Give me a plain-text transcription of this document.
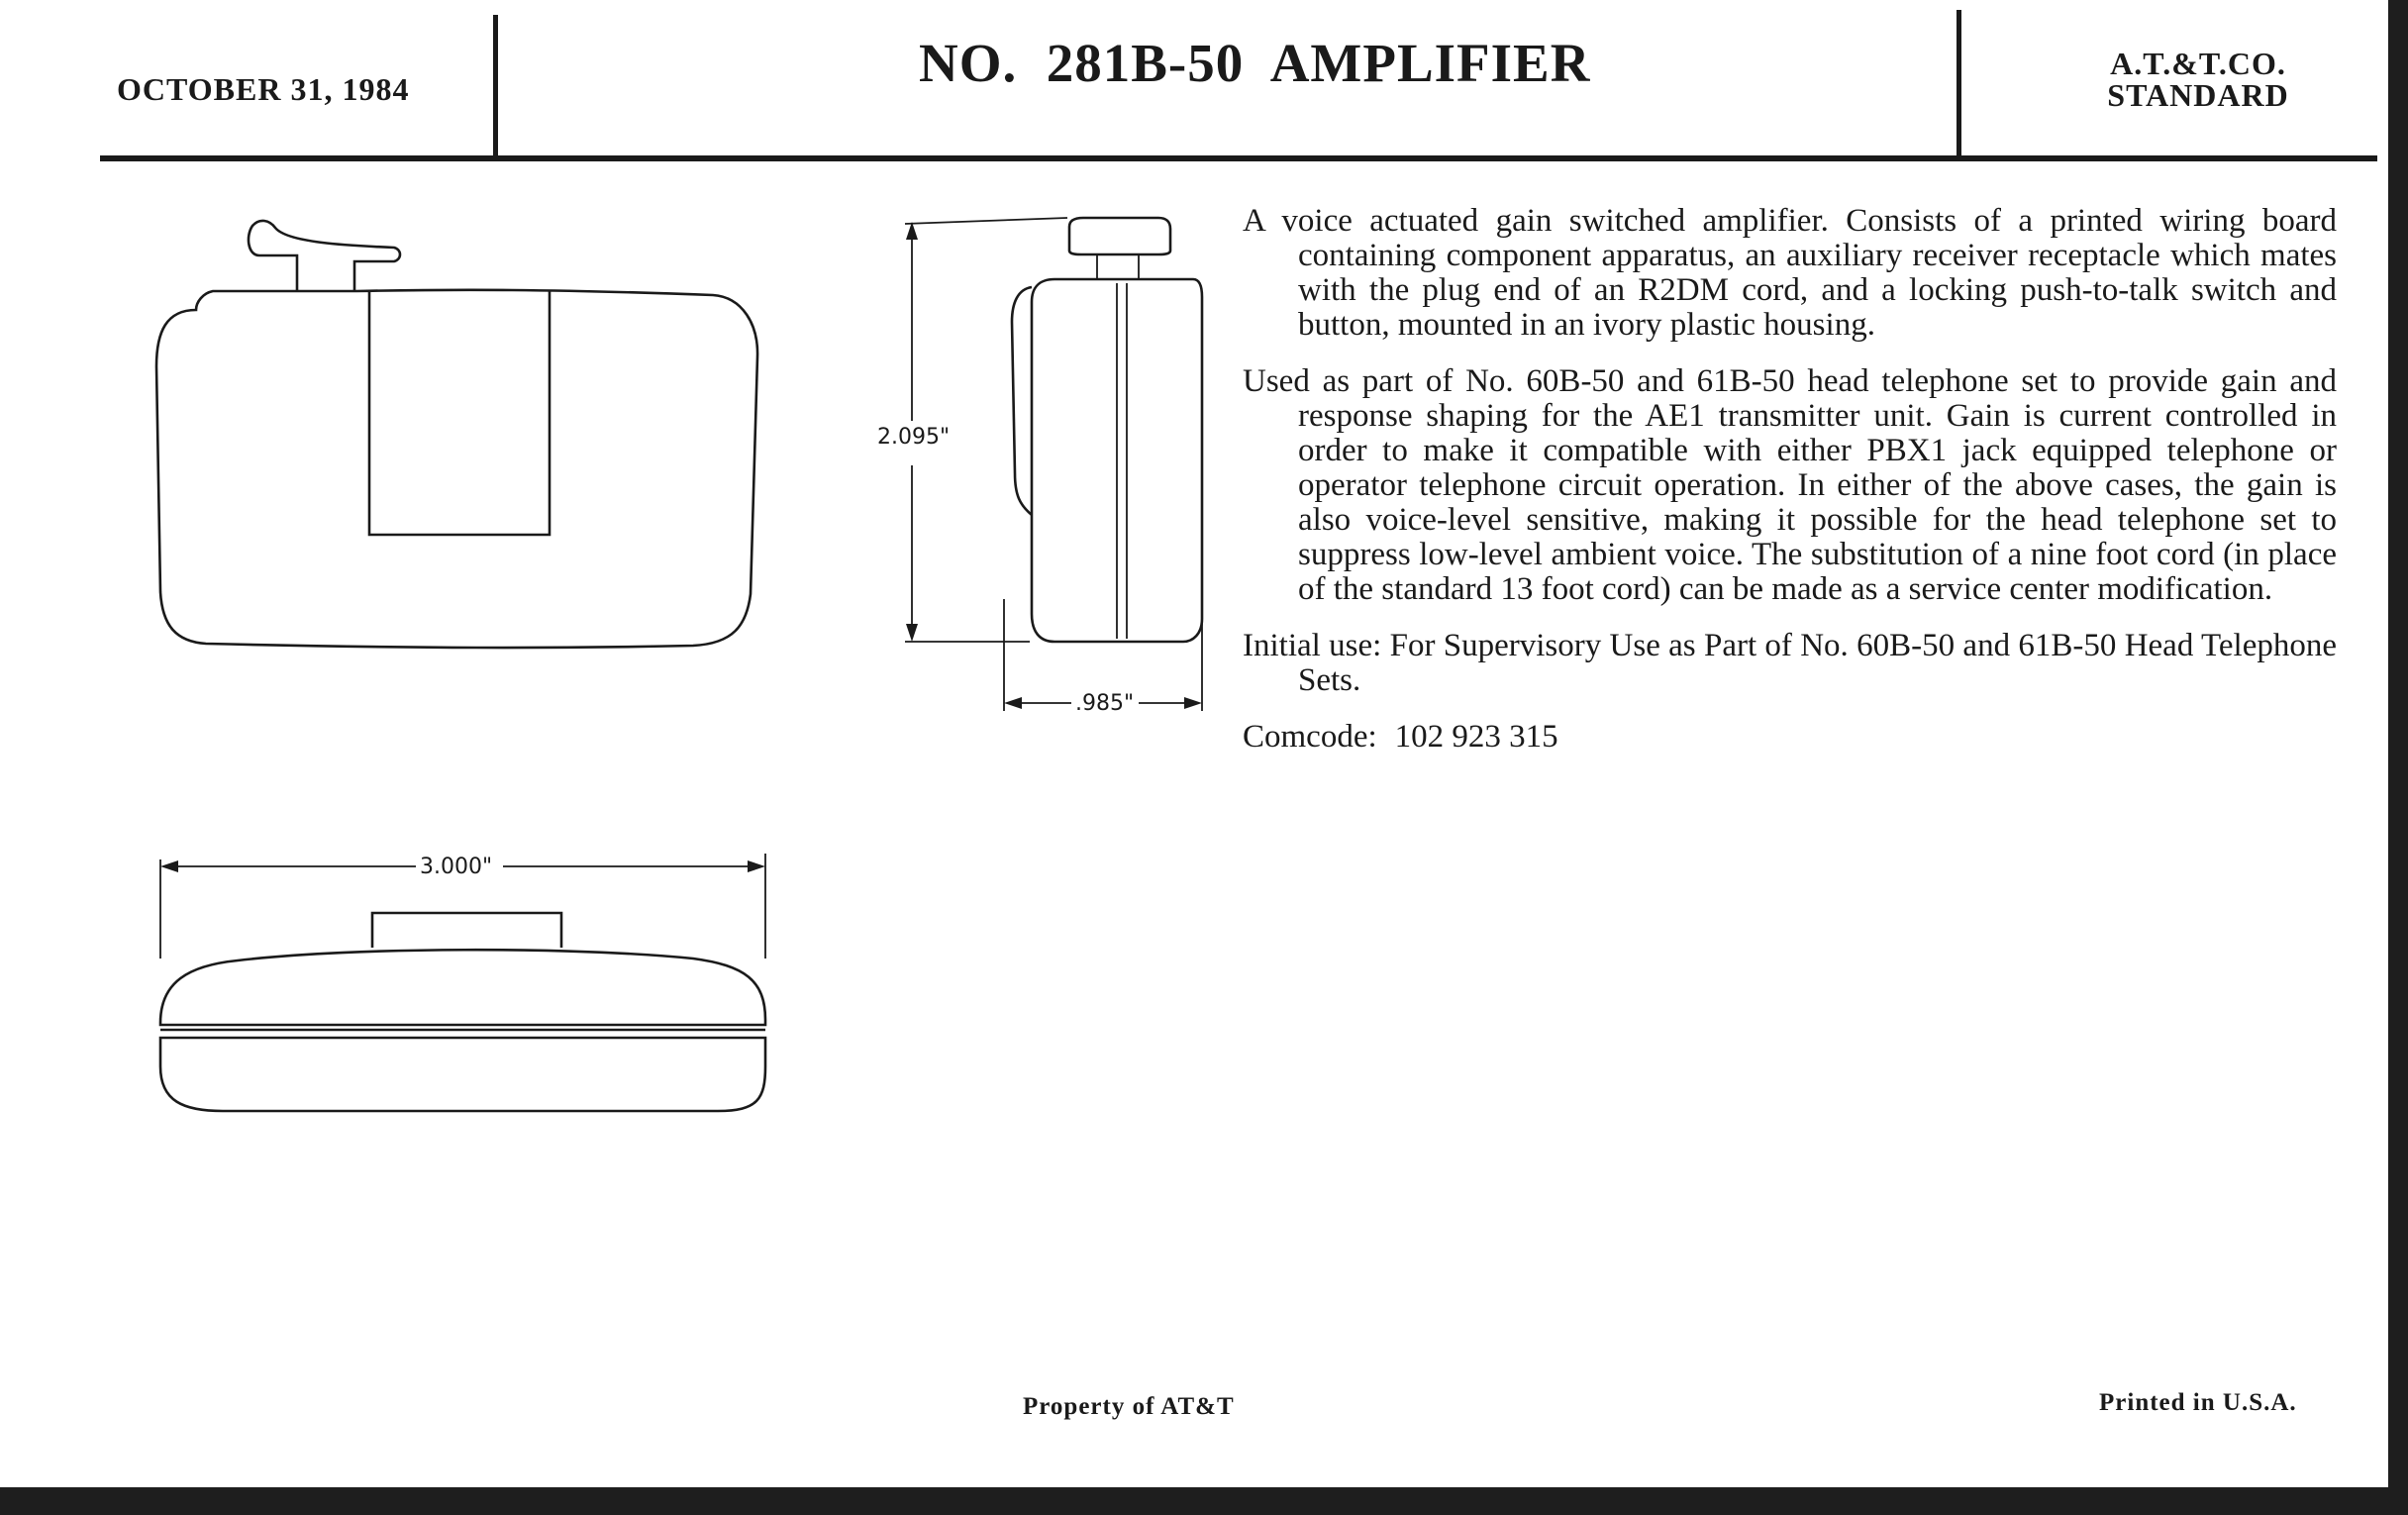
OCTOBER 31, 1984	NO.  281B-50  AMPLIFIER	A.T.&T.CO.
STANDARD
2.095"
.985"
3.000"

A voice actuated gain switched amplifier. Consists of a printed wiring board containing component apparatus, an auxiliary receiver receptacle which mates with the plug end of an R2DM cord, and a locking push-to-talk switch and button, mounted in an ivory plastic housing.

Used as part of No. 60B-50 and 61B-50 head telephone set to provide gain and response shaping for the AE1 transmitter unit. Gain is current controlled in order to make it compatible with either PBX1 jack equipped telephone or operator telephone circuit operation. In either of the above cases, the gain is also voice-level sensitive, making it possible for the head telephone set to suppress low-level ambient voice. The substitution of a nine foot cord (in place of the standard 13 foot cord) can be made as a service center modification.

Initial use: For Supervisory Use as Part of No. 60B-50 and 61B-50 Head Telephone Sets.

Comcode: 102 923 315

Property of AT&T	Printed in U.S.A.
